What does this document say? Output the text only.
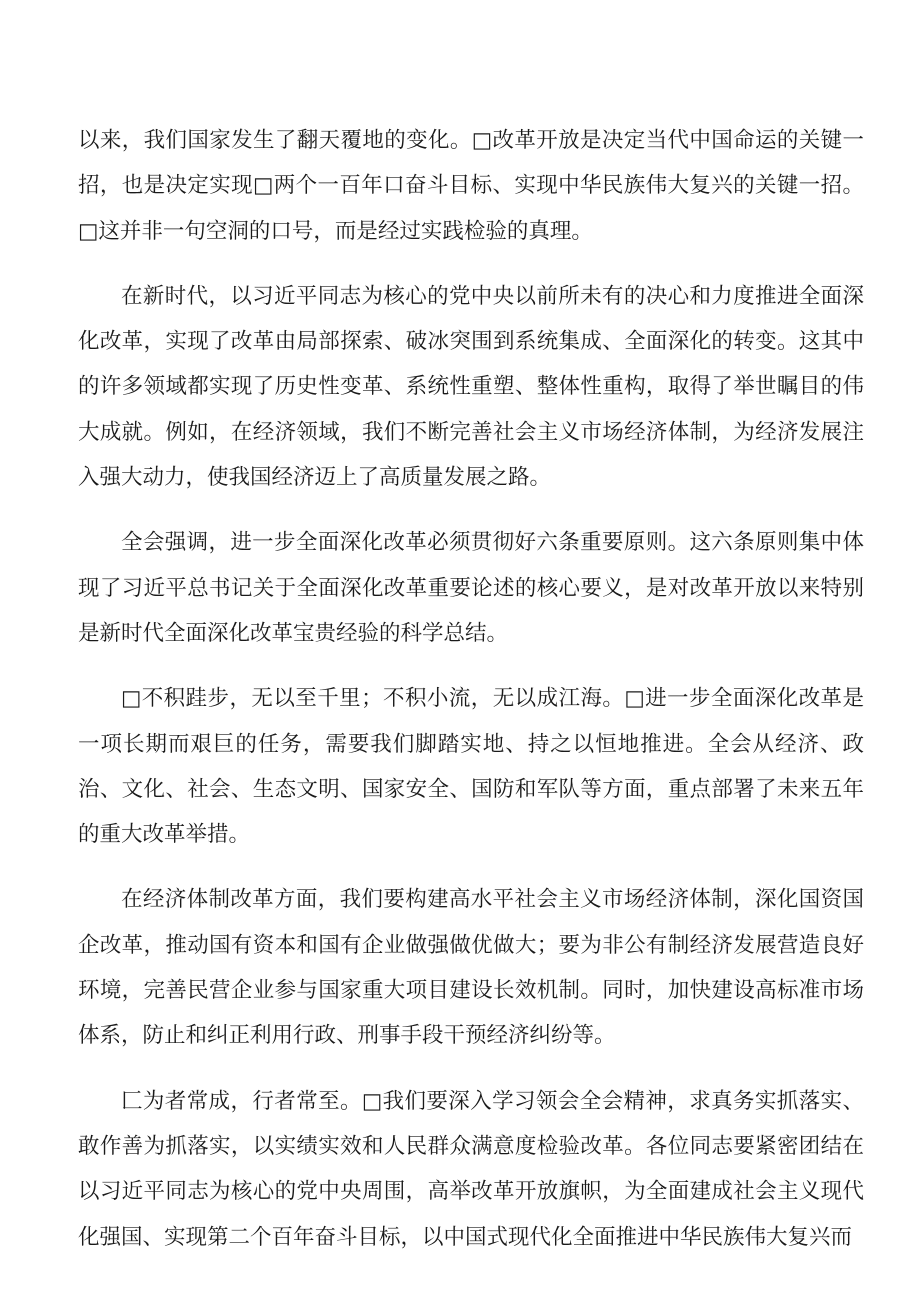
以来，我们国家发生了翻天覆地的变化。□改革开放是决定当代中国命运的关键一招，也是决定实现□两个一百年口奋斗目标、实现中华民族伟大复兴的关键一招。□这并非一句空洞的口号，而是经过实践检验的真理。

在新时代，以习近平同志为核心的党中央以前所未有的决心和力度推进全面深化改革，实现了改革由局部探索、破冰突围到系统集成、全面深化的转变。这其中的许多领域都实现了历史性变革、系统性重塑、整体性重构，取得了举世瞩目的伟大成就。例如，在经济领域，我们不断完善社会主义市场经济体制，为经济发展注入强大动力，使我国经济迈上了高质量发展之路。

全会强调，进一步全面深化改革必须贯彻好六条重要原则。这六条原则集中体现了习近平总书记关于全面深化改革重要论述的核心要义，是对改革开放以来特别是新时代全面深化改革宝贵经验的科学总结。

□不积跬步，无以至千里；不积小流，无以成江海。□进一步全面深化改革是一项长期而艰巨的任务，需要我们脚踏实地、持之以恒地推进。全会从经济、政治、文化、社会、生态文明、国家安全、国防和军队等方面，重点部署了未来五年的重大改革举措。

在经济体制改革方面，我们要构建高水平社会主义市场经济体制，深化国资国企改革，推动国有资本和国有企业做强做优做大；要为非公有制经济发展营造良好环境，完善民营企业参与国家重大项目建设长效机制。同时，加快建设高标准市场体系，防止和纠正利用行政、刑事手段干预经济纠纷等。

匚为者常成，行者常至。□我们要深入学习领会全会精神，求真务实抓落实、敢作善为抓落实，以实绩实效和人民群众满意度检验改革。各位同志要紧密团结在以习近平同志为核心的党中央周围，高举改革开放旗帜，为全面建成社会主义现代化强国、实现第二个百年奋斗目标，以中国式现代化全面推进中华民族伟大复兴而
